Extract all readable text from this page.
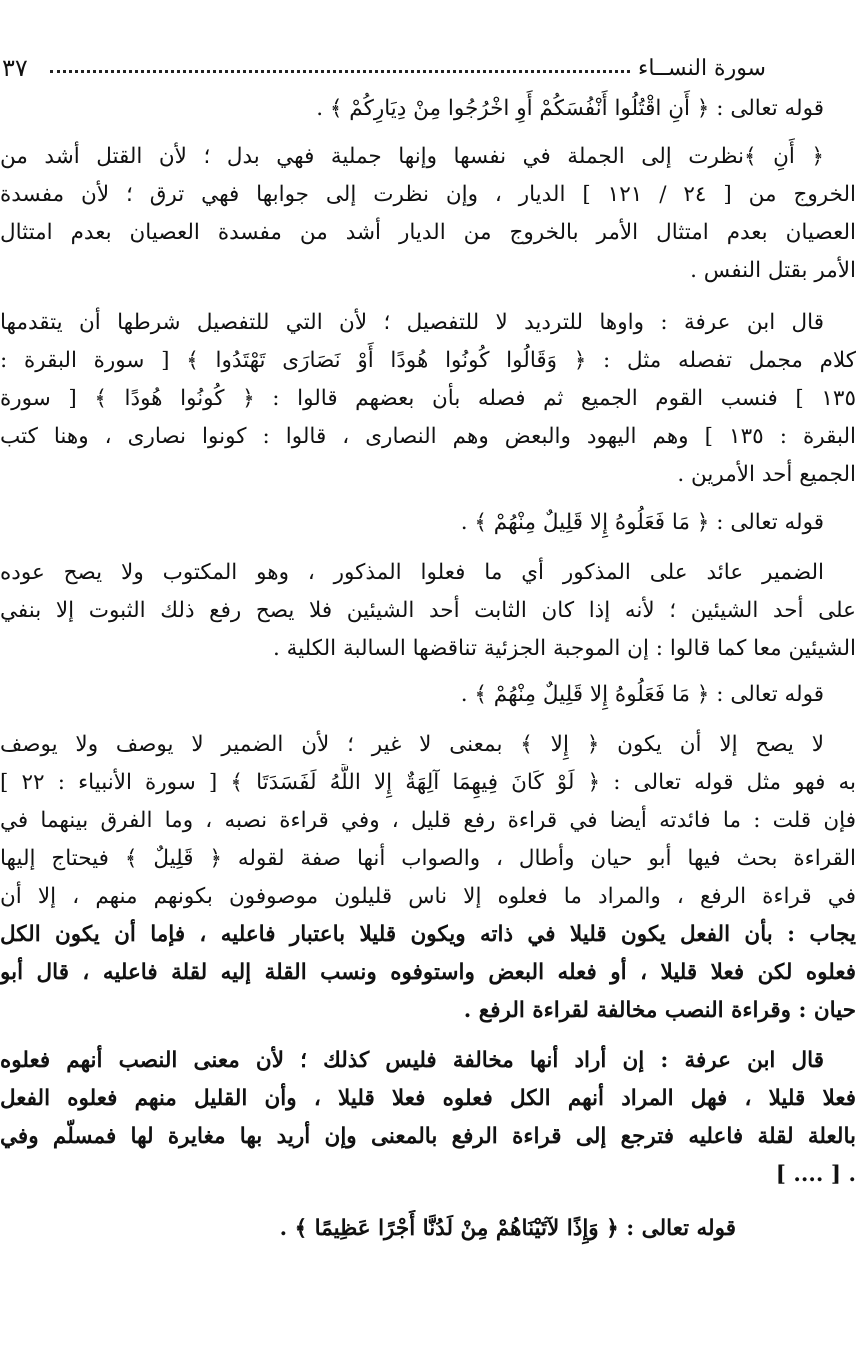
سورة النســاء
٣٧
قوله تعالى : ﴿ أَنِ اقْتُلُوا أَنْفُسَكُمْ أَوِ اخْرُجُوا مِنْ دِيَارِكُمْ ﴾ .
﴿ أَنِ ﴾نظرت إلى الجملة في نفسها وإنها جملية فهي بدل ؛ لأن القتل أشد من
الخروج من [ ٢٤ / ١٢١ ] الديار ، وإن نظرت إلى جوابها فهي ترق ؛ لأن مفسدة
العصيان بعدم امتثال الأمر بالخروج من الديار أشد من مفسدة العصيان بعدم امتثال
الأمر بقتل النفس .
قال ابن عرفة : واوها للترديد لا للتفصيل ؛ لأن التي للتفصيل شرطها أن يتقدمها
كلام مجمل تفصله مثل : ﴿ وَقَالُوا كُونُوا هُودًا أَوْ نَصَارَى تَهْتَدُوا ﴾ [ سورة البقرة :
١٣٥ ] فنسب القوم الجميع ثم فصله بأن بعضهم قالوا : ﴿ كُونُوا هُودًا ﴾ [ سورة
البقرة : ١٣٥ ] وهم اليهود والبعض وهم النصارى ، قالوا : كونوا نصارى ، وهنا كتب
الجميع أحد الأمرين .
قوله تعالى : ﴿ مَا فَعَلُوهُ إِلا قَلِيلٌ مِنْهُمْ ﴾ .
الضمير عائد على المذكور أي ما فعلوا المذكور ، وهو المكتوب ولا يصح عوده
على أحد الشيئين ؛ لأنه إذا كان الثابت أحد الشيئين فلا يصح رفع ذلك الثبوت إلا بنفي
الشيئين معا كما قالوا : إن الموجبة الجزئية تناقضها السالبة الكلية .
قوله تعالى : ﴿ مَا فَعَلُوهُ إِلا قَلِيلٌ مِنْهُمْ ﴾ .
لا يصح إلا أن يكون ﴿ إِلا ﴾ بمعنى لا غير ؛ لأن الضمير لا يوصف ولا يوصف
به فهو مثل قوله تعالى : ﴿ لَوْ كَانَ فِيهِمَا آلِهَةٌ إِلا اللَّهُ لَفَسَدَتَا ﴾ [ سورة الأنبياء : ٢٢ ]
فإن قلت : ما فائدته أيضا في قراءة رفع قليل ، وفي قراءة نصبه ، وما الفرق بينهما في
القراءة بحث فيها أبو حيان وأطال ، والصواب أنها صفة لقوله ﴿ قَلِيلٌ ﴾ فيحتاج إليها
في قراءة الرفع ، والمراد ما فعلوه إلا ناس قليلون موصوفون بكونهم منهم ، إلا أن
يجاب : بأن الفعل يكون قليلا في ذاته ويكون قليلا باعتبار فاعليه ، فإما أن يكون الكل
فعلوه لكن فعلا قليلا ، أو فعله البعض واستوفوه ونسب القلة إليه لقلة فاعليه ، قال أبو
حيان : وقراءة النصب مخالفة لقراءة الرفع .
قال ابن عرفة : إن أراد أنها مخالفة فليس كذلك ؛ لأن معنى النصب أنهم فعلوه
فعلا قليلا ، فهل المراد أنهم الكل فعلوه فعلا قليلا ، وأن القليل منهم فعلوه الفعل
بالعلة لقلة فاعليه فترجع إلى قراءة الرفع بالمعنى وإن أريد بها مغايرة لها فمسلّم وفي
. [ .... ]
قوله تعالى : ﴿ وَإِذًا لآتَيْنَاهُمْ مِنْ لَدُنَّا أَجْرًا عَظِيمًا ﴾ .
